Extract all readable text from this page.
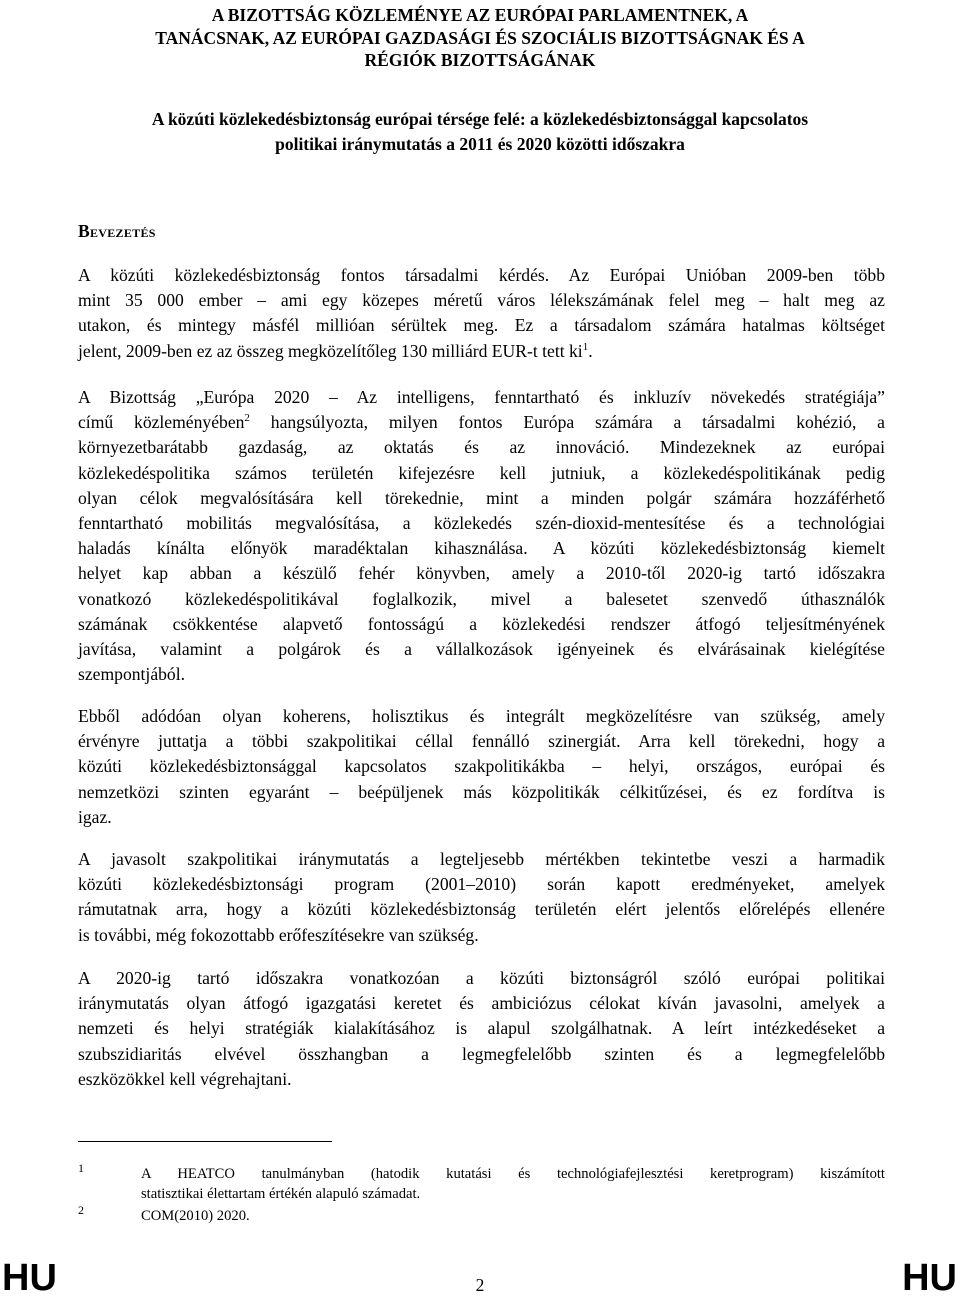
A BIZOTTSÁG KÖZLEMÉNYE AZ EURÓPAI PARLAMENTNEK, A
TANÁCSNAK, AZ EURÓPAI GAZDASÁGI ÉS SZOCIÁLIS BIZOTTSÁGNAK ÉS A
RÉGIÓK BIZOTTSÁGÁNAK
A közúti közlekedésbiztonság európai térsége felé: a közlekedésbiztonsággal kapcsolatos
politikai iránymutatás a 2011 és 2020 közötti időszakra
Bevezetés
A közúti közlekedésbiztonság fontos társadalmi kérdés. Az Európai Unióban 2009-ben több
mint 35 000 ember – ami egy közepes méretű város lélekszámának felel meg – halt meg az
utakon, és mintegy másfél millióan sérültek meg. Ez a társadalom számára hatalmas költséget
jelent, 2009-ben ez az összeg megközelítőleg 130 milliárd EUR-t tett $ki^1$.
A Bizottság „Európa 2020 – Az intelligens, fenntartható és inkluzív növekedés stratégiája”
című közleményében$^2$ hangsúlyozta, milyen fontos Európa számára a társadalmi kohézió, a
környezetbarátabb gazdaság, az oktatás és az innováció. Mindezeknek az európai
közlekedéspolitika számos területén kifejezésre kell jutniuk, a közlekedéspolitikának pedig
olyan célok megvalósítására kell törekednie, mint a minden polgár számára hozzáférhető
fenntartható mobilitás megvalósítása, a közlekedés szén-dioxid-mentesítése és a technológiai
haladás kínálta előnyök maradéktalan kihasználása. A közúti közlekedésbiztonság kiemelt
helyet kap abban a készülő fehér könyvben, amely a 2010-től 2020-ig tartó időszakra
vonatkozó közlekedéspolitikával foglalkozik, mivel a balesetet szenvedő úthasználók
számának csökkentése alapvető fontosságú a közlekedési rendszer átfogó teljesítményének
javítása, valamint a polgárok és a vállalkozások igényeinek és elvárásainak kielégítése
szempontjából.
Ebből adódóan olyan koherens, holisztikus és integrált megközelítésre van szükség, amely
érvényre juttatja a többi szakpolitikai céllal fennálló szinergiát. Arra kell törekedni, hogy a
közúti közlekedésbiztonsággal kapcsolatos szakpolitikákba – helyi, országos, európai és
nemzetközi szinten egyaránt – beépüljenek más közpolitikák célkitűzései, és ez fordítva is
igaz.
A javasolt szakpolitikai iránymutatás a legteljesebb mértékben tekintetbe veszi a harmadik
közúti közlekedésbiztonsági program (2001–2010) során kapott eredményeket, amelyek
rámutatnak arra, hogy a közúti közlekedésbiztonság területén elért jelentős előrelépés ellenére
is további, még fokozottabb erőfeszítésekre van szükség.
A 2020-ig tartó időszakra vonatkozóan a közúti biztonságról szóló európai politikai
iránymutatás olyan átfogó igazgatási keretet és ambiciózus célokat kíván javasolni, amelyek a
nemzeti és helyi stratégiák kialakításához is alapul szolgálhatnak. A leírt intézkedéseket a
szubszidiaritás elvével összhangban a legmegfelelőbb szinten és a legmegfelelőbb
eszközökkel kell végrehajtani.
1	A HEATCO tanulmányban (hatodik kutatási és technológiafejlesztési keretprogram) kiszámított
statisztikai élettartam értékén alapuló számadat.
2	COM(2010) 2020.
HU	2	HU
